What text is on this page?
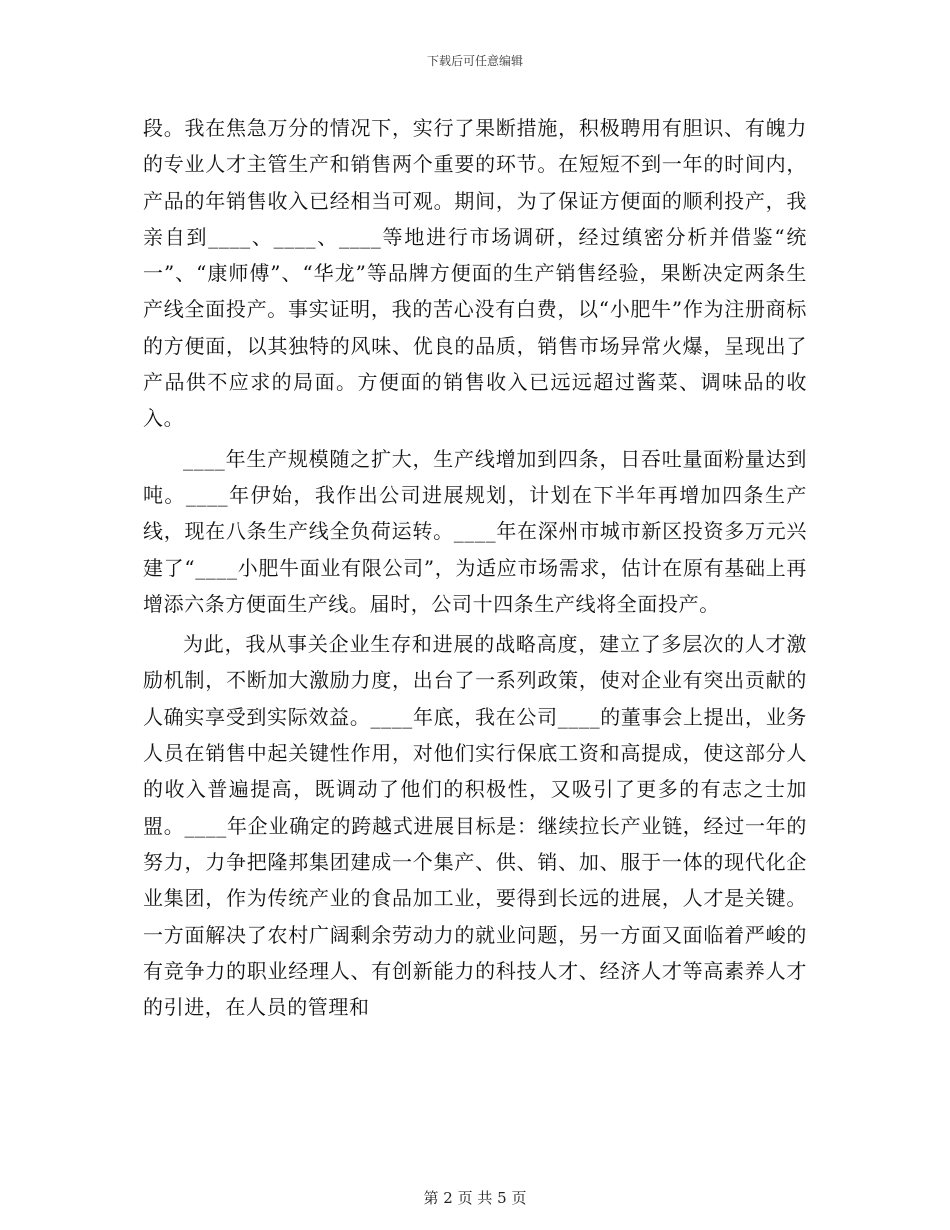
下载后可任意编辑

段。我在焦急万分的情况下，实行了果断措施，积极聘用有胆识、有魄力的专业人才主管生产和销售两个重要的环节。在短短不到一年的时间内，产品的年销售收入已经相当可观。期间，为了保证方便面的顺利投产，我亲自到____、____、____等地进行市场调研，经过缜密分析并借鉴“统一”、“康师傅”、“华龙”等品牌方便面的生产销售经验，果断决定两条生产线全面投产。事实证明，我的苦心没有白费，以“小肥牛”作为注册商标的方便面，以其独特的风味、优良的品质，销售市场异常火爆，呈现出了产品供不应求的局面。方便面的销售收入已远远超过酱菜、调味品的收入。

____年生产规模随之扩大，生产线增加到四条，日吞吐量面粉量达到吨。____年伊始，我作出公司进展规划，计划在下半年再增加四条生产线，现在八条生产线全负荷运转。____年在深州市城市新区投资多万元兴建了“____小肥牛面业有限公司”，为适应市场需求，估计在原有基础上再增添六条方便面生产线。届时，公司十四条生产线将全面投产。

为此，我从事关企业生存和进展的战略高度，建立了多层次的人才激励机制，不断加大激励力度，出台了一系列政策，使对企业有突出贡献的人确实享受到实际效益。____年底，我在公司____的董事会上提出，业务人员在销售中起关键性作用，对他们实行保底工资和高提成，使这部分人的收入普遍提高，既调动了他们的积极性，又吸引了更多的有志之士加盟。____年企业确定的跨越式进展目标是：继续拉长产业链，经过一年的努力，力争把隆邦集团建成一个集产、供、销、加、服于一体的现代化企业集团，作为传统产业的食品加工业，要得到长远的进展，人才是关键。一方面解决了农村广阔剩余劳动力的就业问题，另一方面又面临着严峻的有竞争力的职业经理人、有创新能力的科技人才、经济人才等高素养人才的引进，在人员的管理和

第 2 页 共 5 页
